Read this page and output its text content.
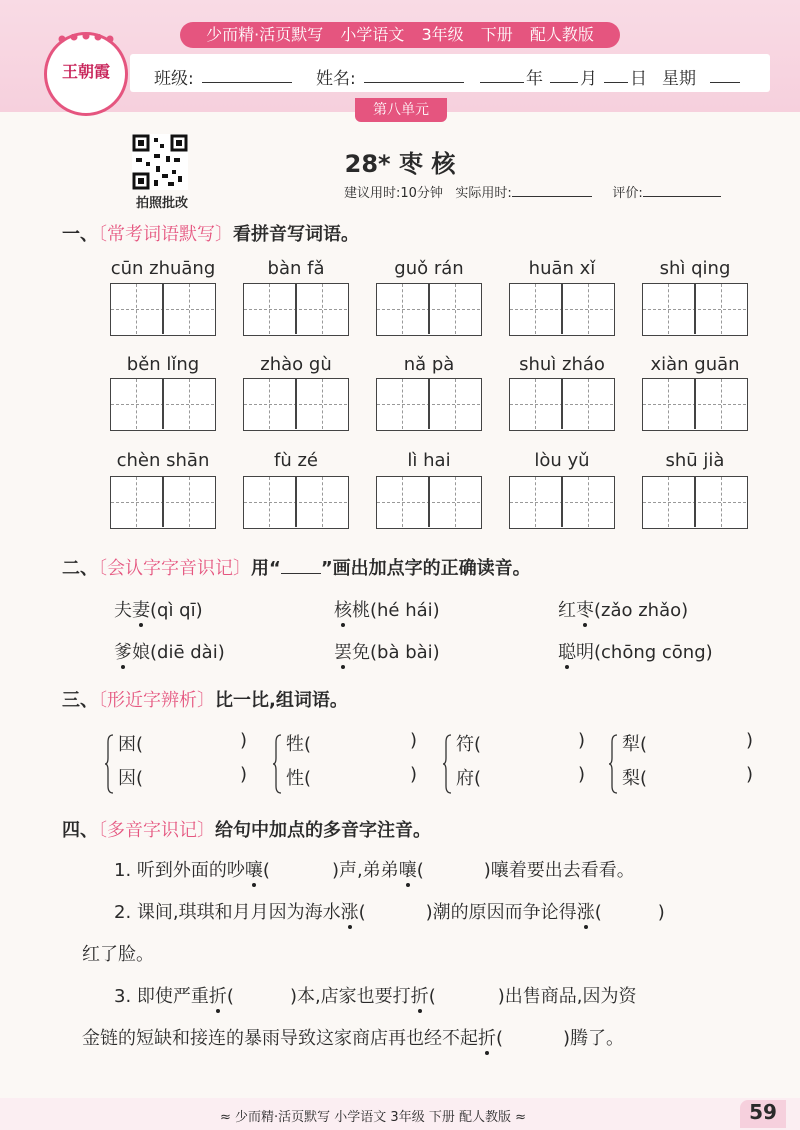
少而精·活页默写 小学语文 3年级 下册 配人教版
班级:	姓名:	年 月 日 星期
第八单元
王朝霞
拍照批改
28* 枣 核
建议用时:10分钟 实际用时:	评价:
一、〔常考词语默写〕看拼音写词语。
cūn zhuāng	bàn fǎ	guǒ rán	huān xǐ	shì qing
běn lǐng	zhào gù	nǎ pà	shuì zháo	xiàn guān
chèn shān	fù zé	lì hai	lòu yǔ	shū jià
二、〔会认字字音识记〕用“ ”画出加点字的正确读音。
夫妻(qì qī)	核桃(hé hái)	红枣(zǎo zhǎo)
爹娘(diē dài)	罢免(bà bài)	聪明(chōng cōng)
三、〔形近字辨析〕比一比,组词语。
困(	)
因(	)
牲(	)
性(	)
符(	)
府(	)
犁(	)
梨(	)
四、〔多音字识记〕给句中加点的多音字注音。
1. 听到外面的吵嚷(	)声,弟弟嚷(	)嚷着要出去看看。
2. 课间,琪琪和月月因为海水涨(	)潮的原因而争论得涨(	)
红了脸。
3. 即使严重折(	)本,店家也要打折(	)出售商品,因为资
金链的短缺和接连的暴雨导致这家商店再也经不起折(	)腾了。
≈ 少而精·活页默写 小学语文 3年级 下册 配人教版 ≈	59
